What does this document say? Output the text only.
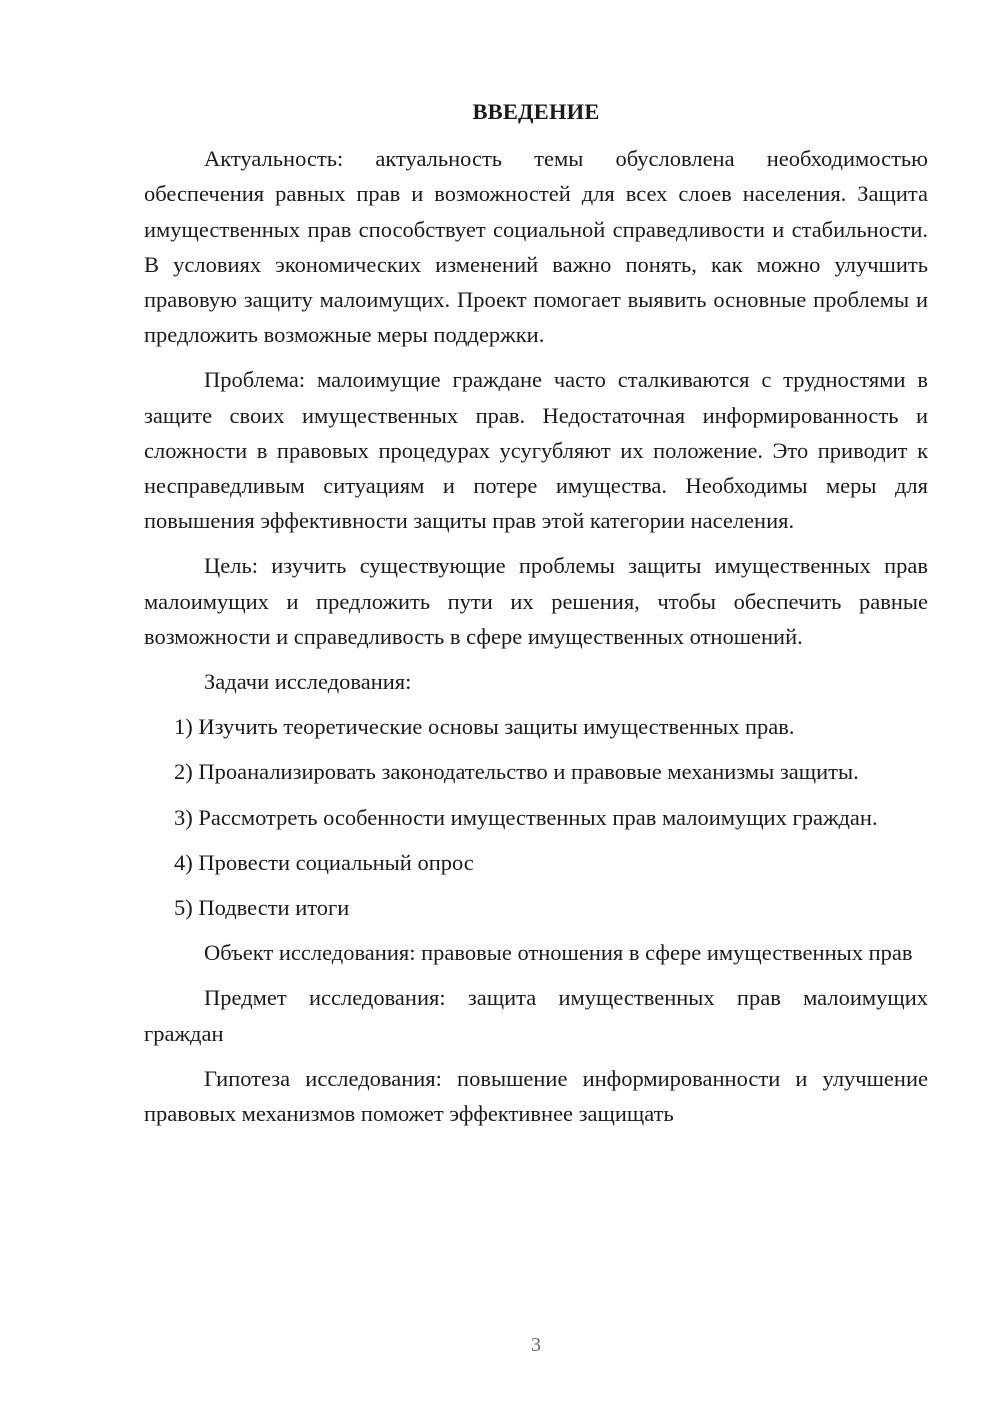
ВВЕДЕНИЕ
Актуальность: актуальность темы обусловлена необходимостью обеспечения равных прав и возможностей для всех слоев населения. Защита имущественных прав способствует социальной справедливости и стабильности. В условиях экономических изменений важно понять, как можно улучшить правовую защиту малоимущих. Проект помогает выявить основные проблемы и предложить возможные меры поддержки.
Проблема: малоимущие граждане часто сталкиваются с трудностями в защите своих имущественных прав. Недостаточная информированность и сложности в правовых процедурах усугубляют их положение. Это приводит к несправедливым ситуациям и потере имущества. Необходимы меры для повышения эффективности защиты прав этой категории населения.
Цель: изучить существующие проблемы защиты имущественных прав малоимущих и предложить пути их решения, чтобы обеспечить равные возможности и справедливость в сфере имущественных отношений.
Задачи исследования:
1) Изучить теоретические основы защиты имущественных прав.
2) Проанализировать законодательство и правовые механизмы защиты.
3) Рассмотреть особенности имущественных прав малоимущих граждан.
4) Провести социальный опрос
5) Подвести итоги
Объект исследования: правовые отношения в сфере имущественных прав
Предмет исследования: защита имущественных прав малоимущих граждан
Гипотеза исследования: повышение информированности и улучшение правовых механизмов поможет эффективнее защищать
3
